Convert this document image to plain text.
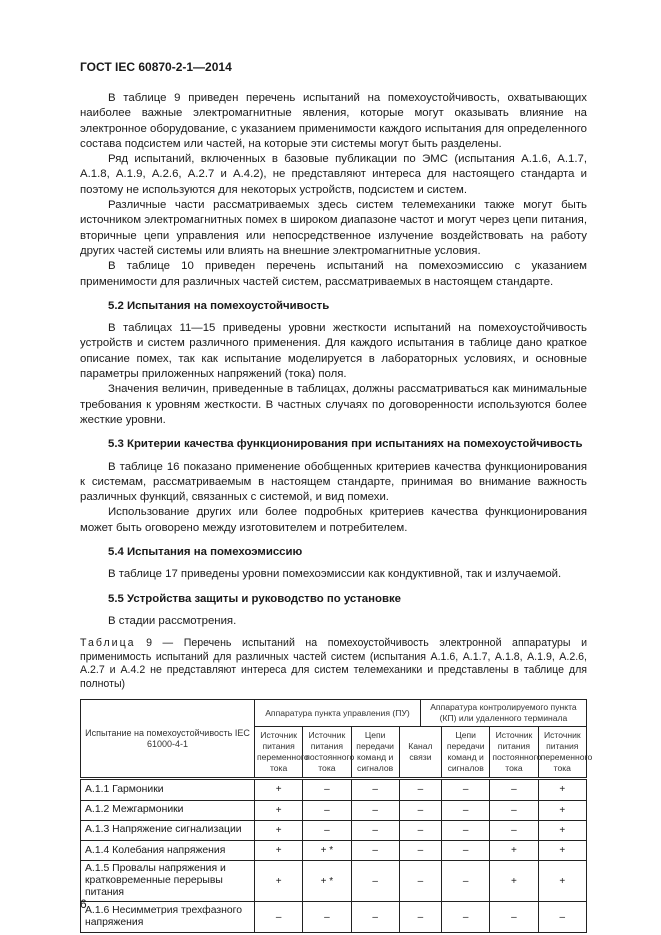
ГОСТ IEC 60870-2-1—2014

В таблице 9 приведен перечень испытаний на помехоустойчивость, охватывающих наиболее важные электромагнитные явления, которые могут оказывать влияние на электронное оборудование, с указанием применимости каждого испытания для определенного состава подсистем или частей, на которые эти системы могут быть разделены.

Ряд испытаний, включенных в базовые публикации по ЭМС (испытания А.1.6, А.1.7, А.1.8, А.1.9, А.2.6, А.2.7 и А.4.2), не представляют интереса для настоящего стандарта и поэтому не используются для некоторых устройств, подсистем и систем.

Различные части рассматриваемых здесь систем телемеханики также могут быть источником электромагнитных помех в широком диапазоне частот и могут через цепи питания, вторичные цепи управления или непосредственное излучение воздействовать на работу других частей системы или влиять на внешние электромагнитные условия.

В таблице 10 приведен перечень испытаний на помехоэмиссию с указанием применимости для различных частей систем, рассматриваемых в настоящем стандарте.

5.2 Испытания на помехоустойчивость

В таблицах 11—15 приведены уровни жесткости испытаний на помехоустойчивость устройств и систем различного применения. Для каждого испытания в таблице дано краткое описание помех, так как испытание моделируется в лабораторных условиях, и основные параметры приложенных напряжений (тока) поля.

Значения величин, приведенные в таблицах, должны рассматриваться как минимальные требования к уровням жесткости. В частных случаях по договоренности используются более жесткие уровни.

5.3 Критерии качества функционирования при испытаниях на помехоустойчивость

В таблице 16 показано применение обобщенных критериев качества функционирования к системам, рассматриваемым в настоящем стандарте, принимая во внимание важность различных функций, связанных с системой, и вид помехи.

Использование других или более подробных критериев качества функционирования может быть оговорено между изготовителем и потребителем.

5.4 Испытания на помехоэмиссию

В таблице 17 приведены уровни помехоэмиссии как кондуктивной, так и излучаемой.

5.5 Устройства защиты и руководство по установке

В стадии рассмотрения.

Таблица 9 — Перечень испытаний на помехоустойчивость электронной аппаратуры и применимость испытаний для различных частей систем (испытания А.1.6, А.1.7, А.1.8, А.1.9, А.2.6, А.2.7 и А.4.2 не представляют интереса для систем телемеханики и представлены в таблице для полноты)
Испытание на помехоустойчивость IEC 61000-4-1	Аппаратура пункта управления (ПУ)				Аппаратура контролируемого пункта (КП) или удаленного терминала			
	Источник питания переменного тока	Источник питания постоянного тока	Цепи передачи команд и сигналов	Канал связи		Цепи передачи команд и сигналов	Источник питания постоянного тока	Источник питания переменного тока
А.1.1 Гармоники	+	–	–	–		–	–	+
А.1.2 Межгармоники	+	–	–	–		–	–	+
А.1.3 Напряжение сигнализации	+	–	–	–		–	–	+
А.1.4 Колебания напряжения	+	+ *	–	–		–	+	+
А.1.5 Провалы напряжения и кратковременные перерывы питания	+	+ *	–	–		–	+	+
А.1.6 Несимметрия трехфазного напряжения	–	–	–	–		–	–	–
6
